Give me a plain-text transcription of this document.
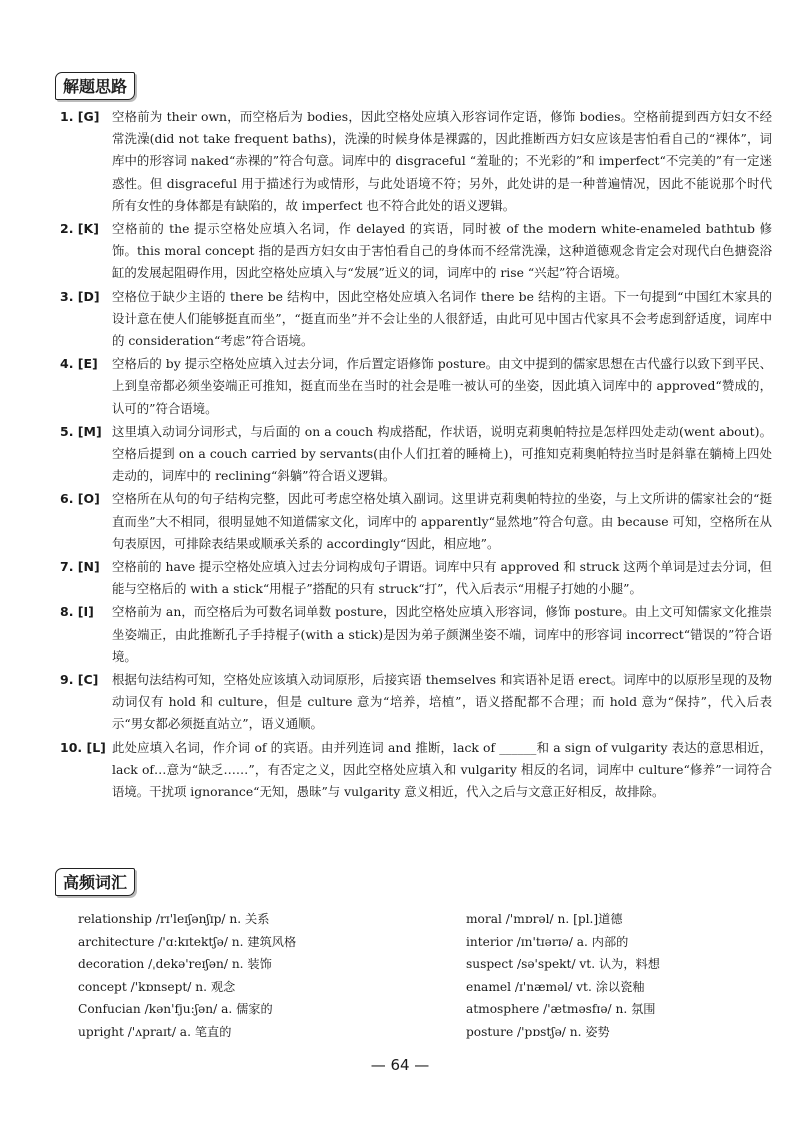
解题思路
1. [G]	空格前为 their own，而空格后为 bodies，因此空格处应填入形容词作定语，修饰 bodies。空格前提到西方妇女不经常洗澡(did not take frequent baths)，洗澡的时候身体是裸露的，因此推断西方妇女应该是害怕看自己的“裸体”，词库中的形容词 naked“赤裸的”符合句意。词库中的 disgraceful “羞耻的；不光彩的”和 imperfect“不完美的”有一定迷惑性。但 disgraceful 用于描述行为或情形，与此处语境不符；另外，此处讲的是一种普遍情况，因此不能说那个时代所有女性的身体都是有缺陷的，故 imperfect 也不符合此处的语义逻辑。
2. [K]	空格前的 the 提示空格处应填入名词，作 delayed 的宾语，同时被 of the modern white-enameled bathtub 修饰。this moral concept 指的是西方妇女由于害怕看自己的身体而不经常洗澡，这种道德观念肯定会对现代白色搪瓷浴缸的发展起阻碍作用，因此空格处应填入与“发展”近义的词，词库中的 rise “兴起”符合语境。
3. [D] 空格位于缺少主语的 there be 结构中，因此空格处应填入名词作 there be 结构的主语。下一句提到“中国红木家具的设计意在使人们能够挺直而坐”，“挺直而坐”并不会让坐的人很舒适，由此可见中国古代家具不会考虑到舒适度，词库中的 consideration“考虑”符合语境。
4. [E]	空格后的 by 提示空格处应填入过去分词，作后置定语修饰 posture。由文中提到的儒家思想在古代盛行以致下到平民、上到皇帝都必须坐姿端正可推知，挺直而坐在当时的社会是唯一被认可的坐姿，因此填入词库中的 approved“赞成的，认可的”符合语境。
5. [M] 这里填入动词分词形式，与后面的 on a couch 构成搭配，作状语，说明克莉奥帕特拉是怎样四处走动(went about)。空格后提到 on a couch carried by servants(由仆人们扛着的睡椅上)，可推知克莉奥帕特拉当时是斜靠在躺椅上四处走动的，词库中的 reclining“斜躺”符合语义逻辑。
6. [O] 空格所在从句的句子结构完整，因此可考虑空格处填入副词。这里讲克莉奥帕特拉的坐姿，与上文所讲的儒家社会的“挺直而坐”大不相同，很明显她不知道儒家文化，词库中的 apparently“显然地”符合句意。由 because 可知，空格所在从句表原因，可排除表结果或顺承关系的 accordingly“因此，相应地”。
7. [N] 空格前的 have 提示空格处应填入过去分词构成句子谓语。词库中只有 approved 和 struck 这两个单词是过去分词，但能与空格后的 with a stick“用棍子”搭配的只有 struck“打”，代入后表示“用棍子打她的小腿”。
8. [I]	空格前为 an，而空格后为可数名词单数 posture，因此空格处应填入形容词，修饰 posture。由上文可知儒家文化推崇坐姿端正，由此推断孔子手持棍子(with a stick)是因为弟子颜渊坐姿不端，词库中的形容词 incorrect“错误的”符合语境。
9. [C]	根据句法结构可知，空格处应该填入动词原形，后接宾语 themselves 和宾语补足语 erect。词库中的以原形呈现的及物动词仅有 hold 和 culture，但是 culture 意为“培养，培植”，语义搭配都不合理；而 hold 意为“保持”，代入后表示“男女都必须挺直站立”，语义通顺。
10. [L] 此处应填入名词，作介词 of 的宾语。由并列连词 and 推断，lack of ______和 a sign of vulgarity 表达的意思相近，lack of…意为“缺乏……”，有否定之义，因此空格处应填入和 vulgarity 相反的名词，词库中 culture“修养”一词符合语境。干扰项 ignorance“无知，愚昧”与 vulgarity 意义相近，代入之后与文意正好相反，故排除。
高频词汇
relationship /rɪ'leɪʃənʃɪp/ n. 关系	moral /'mɒrəl/ n. [pl.]道德
architecture /'ɑ:kɪtektʃə/ n. 建筑风格	interior /ɪn'tɪərɪə/ a. 内部的
decoration /ˌdekə'reɪʃən/ n. 装饰	suspect /sə'spekt/ vt. 认为，料想
concept /'kɒnsept/ n. 观念	enamel /ɪ'næməl/ vt. 涂以瓷釉
Confucian /kən'fju:ʃən/ a. 儒家的	atmosphere /'ætməsfɪə/ n. 氛围
upright /'ʌpraɪt/ a. 笔直的	posture /'pɒstʃə/ n. 姿势
— 64 —
